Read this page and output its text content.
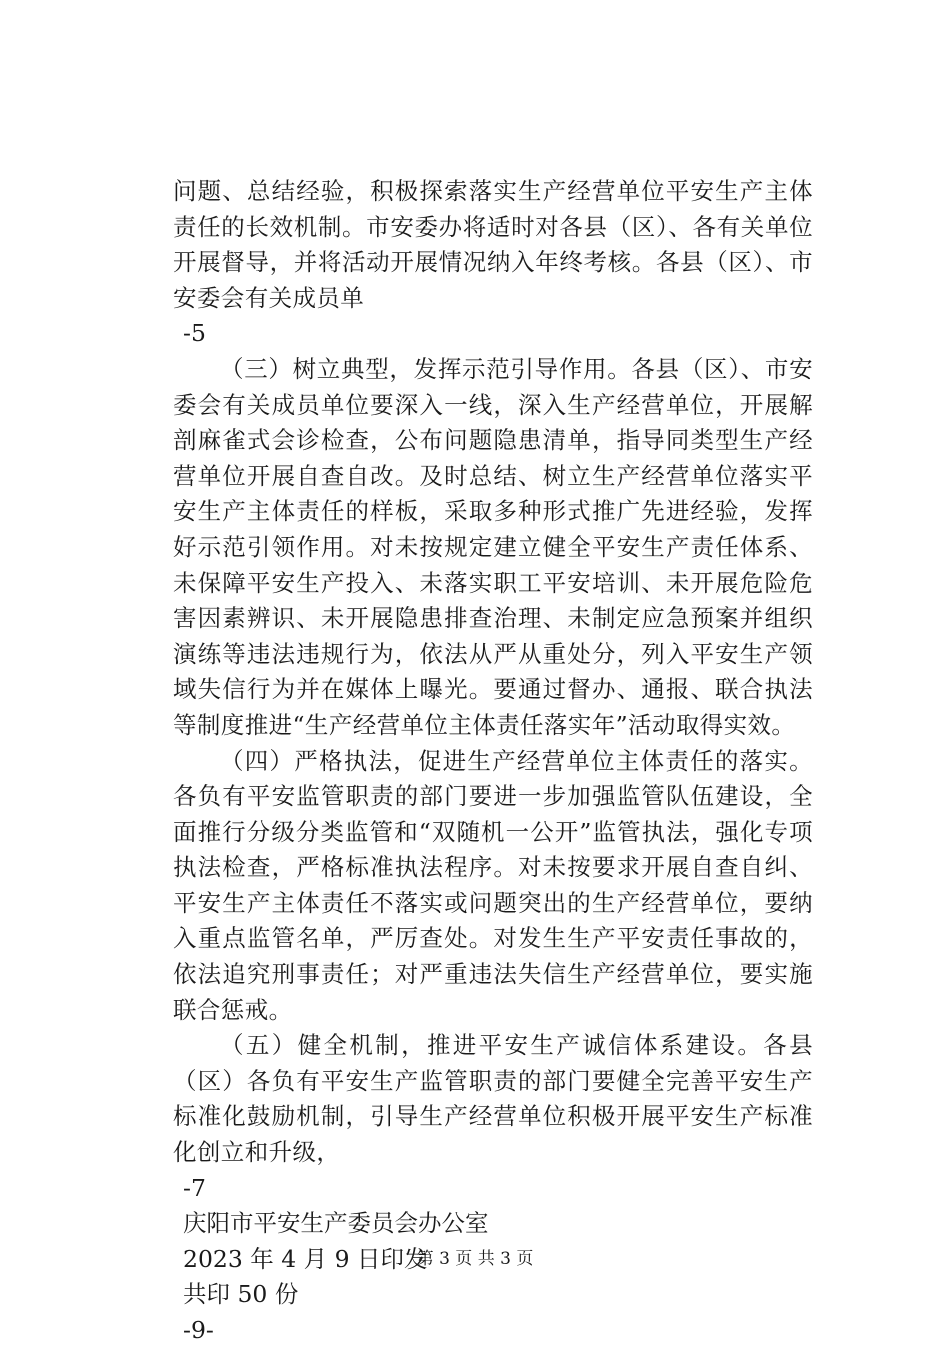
问题、总结经验，积极探索落实生产经营单位平安生产主体责任的长效机制。市安委办将适时对各县（区）、各有关单位开展督导，并将活动开展情况纳入年终考核。各县（区）、市安委会有关成员单

-5

（三）树立典型，发挥示范引导作用。各县（区）、市安委会有关成员单位要深入一线，深入生产经营单位，开展解剖麻雀式会诊检查，公布问题隐患清单，指导同类型生产经营单位开展自查自改。及时总结、树立生产经营单位落实平安生产主体责任的样板，采取多种形式推广先进经验，发挥好示范引领作用。对未按规定建立健全平安生产责任体系、未保障平安生产投入、未落实职工平安培训、未开展危险危害因素辨识、未开展隐患排查治理、未制定应急预案并组织演练等违法违规行为，依法从严从重处分，列入平安生产领域失信行为并在媒体上曝光。要通过督办、通报、联合执法等制度推进“生产经营单位主体责任落实年”活动取得实效。

（四）严格执法，促进生产经营单位主体责任的落实。各负有平安监管职责的部门要进一步加强监管队伍建设，全面推行分级分类监管和“双随机一公开”监管执法，强化专项执法检查，严格标准执法程序。对未按要求开展自查自纠、平安生产主体责任不落实或问题突出的生产经营单位，要纳入重点监管名单，严厉查处。对发生生产平安责任事故的，依法追究刑事责任；对严重违法失信生产经营单位，要实施联合惩戒。

（五）健全机制，推进平安生产诚信体系建设。各县（区）各负有平安生产监管职责的部门要健全完善平安生产标准化鼓励机制，引导生产经营单位积极开展平安生产标准化创立和升级，

-7

庆阳市平安生产委员会办公室

2023 年 4 月 9 日印发

共印 50 份

-9-

第 3 页 共 3 页
